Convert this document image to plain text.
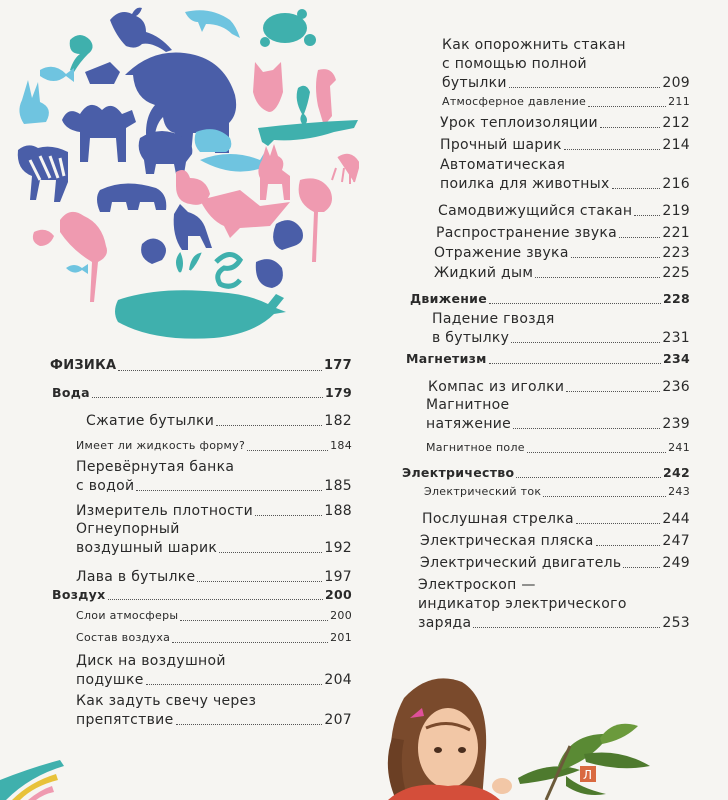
ФИЗИКА	177
Вода	179
Сжатие бутылки	182
Имеет ли жидкость форму?	184
Перевёрнутая банка
с водой	185
Измеритель плотности	188
Огнеупорный
воздушный шарик	192
Лава в бутылке	197
Воздух	200
Слои атмосферы	200
Состав воздуха	201
Диск на воздушной
подушке	204
Как задуть свечу через
препятствие	207
Как опорожнить стакан
с помощью полной
бутылки	209
Атмосферное давление	211
Урок теплоизоляции	212
Прочный шарик	214
Автоматическая
поилка для животных	216
Самодвижущийся стакан 219
Распространение звука	221
Отражение звука	223
Жидкий дым	225
Движение	228
Падение гвоздя
в бутылку	231
Магнетизм	234
Компас из иголки	236
Магнитное
натяжение	239
Магнитное поле	241
Электричество	242
Электрический ток	243
Послушная стрелка	244
Электрическая пляска	247
Электрический двигатель	249
Электроскоп —
индикатор электрического
заряда	253
Л
